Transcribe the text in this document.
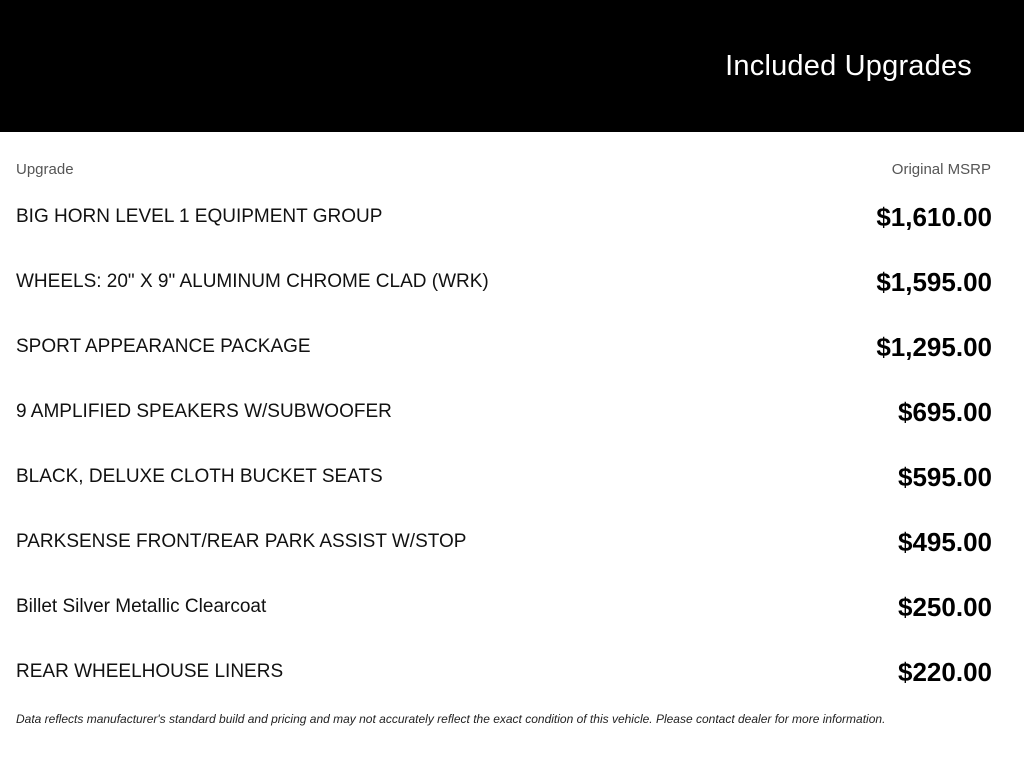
Included Upgrades
Upgrade	Original MSRP
BIG HORN LEVEL 1 EQUIPMENT GROUP	$1,610.00
WHEELS: 20" X 9" ALUMINUM CHROME CLAD (WRK)	$1,595.00
SPORT APPEARANCE PACKAGE	$1,295.00
9 AMPLIFIED SPEAKERS W/SUBWOOFER	$695.00
BLACK, DELUXE CLOTH BUCKET SEATS	$595.00
PARKSENSE FRONT/REAR PARK ASSIST W/STOP	$495.00
Billet Silver Metallic Clearcoat	$250.00
REAR WHEELHOUSE LINERS	$220.00
Data reflects manufacturer's standard build and pricing and may not accurately reflect the exact condition of this vehicle. Please contact dealer for more information.
